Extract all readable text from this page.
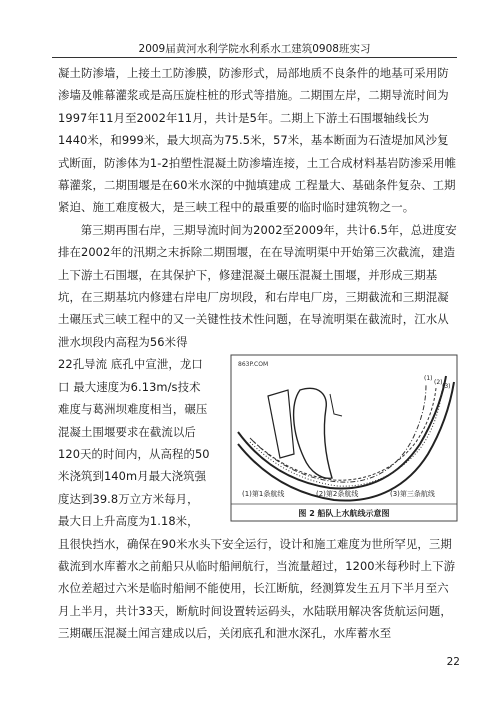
2009届黄河水利学院水利系水工建筑0908班实习

凝土防渗墙，上接土工防渗膜，防渗形式，局部地质不良条件的地基可采用防渗墙及帷幕灌浆或是高压旋柱桩的形式等措施。二期围左岸，二期导流时间为1997年11月至2002年11月，共计是5年。二期上下游土石围堰轴线长为1440米，和999米，最大坝高为75.5米，57米，基本断面为石渣堤加风沙复式断面，防渗体为1-2拍塑性混凝土防渗墙连接，土工合成材料基岩防渗采用帷幕灌浆，二期围堰是在60米水深的中抛填建成 工程量大、基础条件复杂、工期紧迫、施工难度极大，是三峡工程中的最重要的临时临时建筑物之一。

第三期再围右岸，三期导流时间为2002至2009年，共计6.5年，总进度安排在2002年的汛期之末拆除二期围堰，在在导流明渠中开始第三次截流，建造上下游土石围堰，在其保护下，修建混凝土碾压混凝土围堰，并形成三期基坑，在三期基坑内修建右岸电厂房坝段，和右岸电厂房，三期截流和三期混凝土碾压式三峡工程中的又一关键性技术性问题，在导流明渠在截流时，江水从泄水坝段内高程为56米得

22孔导流 底孔中宣泄，龙口
口 最大速度为6.13m/s技术
难度与葛洲坝难度相当，碾压
混凝土围堰要求在截流以后
120天的时间内，从高程的50
米浇筑到140m月最大浇筑强
度达到39.8万立方米每月，
最大日上升高度为1.18米，

且很快挡水，确保在90米水头下安全运行，设计和施工难度为世所罕见，三期截流到水库蓄水之前船只从临时船闸航行，当流量超过，1200米每秒时上下游水位差超过六米是临时船闸不能使用，长江断航，经测算发生五月下半月至六月上半月，共计33天，断航时间设置转运码头，水陆联用解决客货航运问题，三期碾压混凝土闻言建成以后，关闭底孔和泄水深孔，水库蓄水至

863P.COM
(1)
(2)
(3)
(1)第1条航线	(2)第2条航线	(3)第三条航线
图 2 船队上水航线示意图
22
